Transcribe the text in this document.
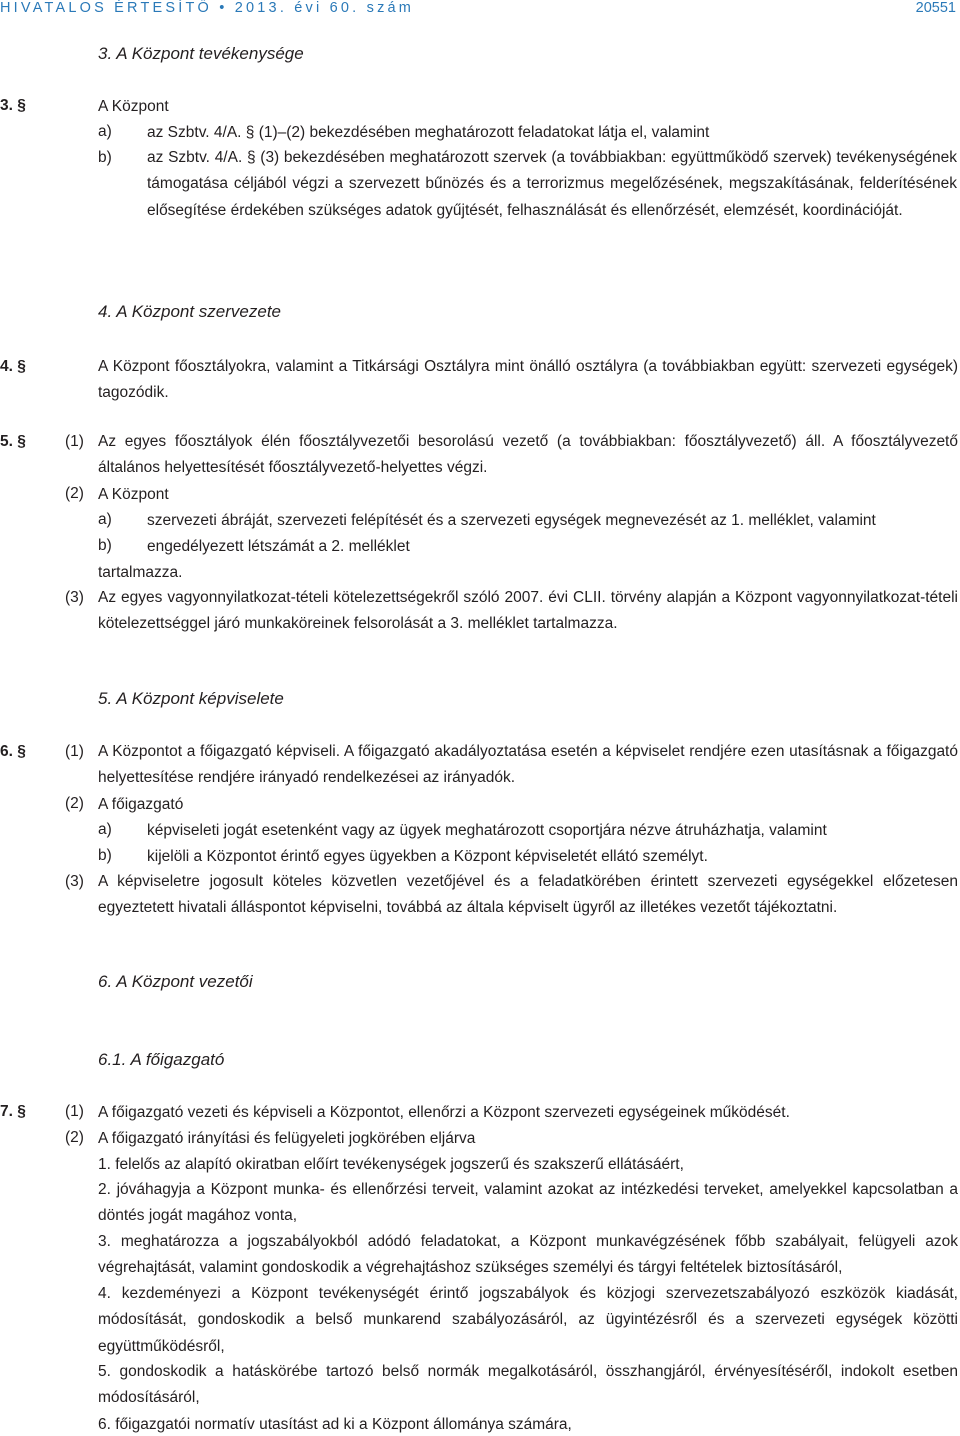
HIVATALOS ÉRTESÍTŐ • 2013. évi 60. szám	20551
3. A Központ tevékenysége
3. §	A Központ
a) az Szbtv. 4/A. § (1)–(2) bekezdésében meghatározott feladatokat látja el, valamint
b) az Szbtv. 4/A. § (3) bekezdésében meghatározott szervek (a továbbiakban: együttműködő szervek) tevékenységének támogatása céljából végzi a szervezett bűnözés és a terrorizmus megelőzésének, megszakításának, felderítésének elősegítése érdekében szükséges adatok gyűjtését, felhasználását és ellenőrzését, elemzését, koordinációját.
4. A Központ szervezete
4. §	A Központ főosztályokra, valamint a Titkársági Osztályra mint önálló osztályra (a továbbiakban együtt: szervezeti egységek) tagozódik.
5. §	(1) Az egyes főosztályok élén főosztályvezetői besorolású vezető (a továbbiakban: főosztályvezető) áll. A főosztályvezető általános helyettesítését főosztályvezető-helyettes végzi.
(2) A Központ
a) szervezeti ábráját, szervezeti felépítését és a szervezeti egységek megnevezését az 1. melléklet, valamint
b) engedélyezett létszámát a 2. melléklet
tartalmazza.
(3) Az egyes vagyonnyilatkozat-tételi kötelezettségekről szóló 2007. évi CLII. törvény alapján a Központ vagyonnyilatkozat-tételi kötelezettséggel járó munkaköreinek felsorolását a 3. melléklet tartalmazza.
5. A Központ képviselete
6. §	(1) A Központot a főigazgató képviseli. A főigazgató akadályoztatása esetén a képviselet rendjére ezen utasításnak a főigazgató helyettesítése rendjére irányadó rendelkezései az irányadók.
(2) A főigazgató
a) képviseleti jogát esetenként vagy az ügyek meghatározott csoportjára nézve átruházhatja, valamint
b) kijelöli a Központot érintő egyes ügyekben a Központ képviseletét ellátó személyt.
(3) A képviseletre jogosult köteles közvetlen vezetőjével és a feladatkörében érintett szervezeti egységekkel előzetesen egyeztetett hivatali álláspontot képviselni, továbbá az általa képviselt ügyről az illetékes vezetőt tájékoztatni.
6. A Központ vezetői
6.1. A főigazgató
7. §	(1) A főigazgató vezeti és képviseli a Központot, ellenőrzi a Központ szervezeti egységeinek működését.
(2) A főigazgató irányítási és felügyeleti jogkörében eljárva
1. felelős az alapító okiratban előírt tevékenységek jogszerű és szakszerű ellátásáért,
2. jóváhagyja a Központ munka- és ellenőrzési terveit, valamint azokat az intézkedési terveket, amelyekkel kapcsolatban a döntés jogát magához vonta,
3. meghatározza a jogszabályokból adódó feladatokat, a Központ munkavégzésének főbb szabályait, felügyeli azok végrehajtását, valamint gondoskodik a végrehajtáshoz szükséges személyi és tárgyi feltételek biztosításáról,
4. kezdeményezi a Központ tevékenységét érintő jogszabályok és közjogi szervezetszabályozó eszközök kiadását, módosítását, gondoskodik a belső munkarend szabályozásáról, az ügyintézésről és a szervezeti egységek közötti együttműködésről,
5. gondoskodik a hatáskörébe tartozó belső normák megalkotásáról, összhangjáról, érvényesítéséről, indokolt esetben módosításáról,
6. főigazgatói normatív utasítást ad ki a Központ állománya számára,
